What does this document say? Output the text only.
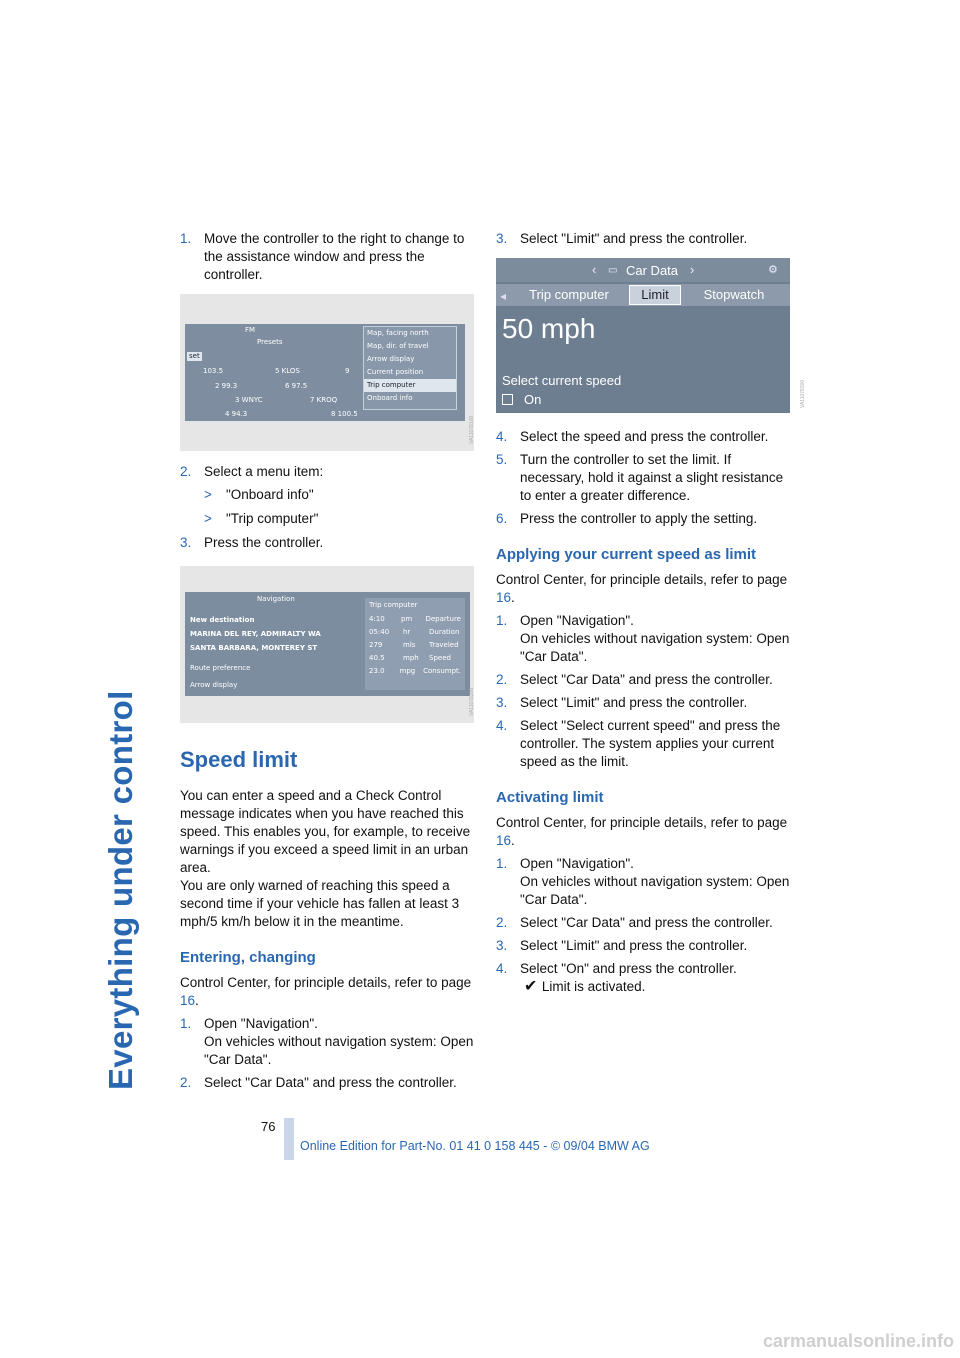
Everything under control
1. Move the controller to the right to change to the assistance window and press the controller.
FM
Presets
set
103.5	5 KLOS	9
2 99.3	6 97.5
3 WNYC	7 KROQ
4 94.3	8 100.5
Map, facing north
Map, dir. of travel
Arrow display
Current position
Trip computer
Onboard info
VA11078100
2. Select a menu item:
> "Onboard info"
> "Trip computer"
3. Press the controller.
Navigation
New destination
MARINA DEL REY, ADMIRALTY WA
SANTA BARBARA, MONTEREY ST
Route preference
Arrow display
Trip computer
4:10	pm	Departure
05:40	hr	Duration
279	mls	Traveled
40.5	mph	Speed
23.0	mpg Consumpt.
VA11078200
Speed limit

You can enter a speed and a Check Control message indicates when you have reached this speed. This enables you, for example, to receive warnings if you exceed a speed limit in an urban area.

You are only warned of reaching this speed a second time if your vehicle has fallen at least 3 mph/5 km/h below it in the meantime.

Entering, changing

Control Center, for principle details, refer to page 16.

1. Open "Navigation".
On vehicles without navigation system: Open "Car Data".
2. Select "Car Data" and press the controller.
3. Select "Limit" and press the controller.
‹ ▭ Car Data ›	⚙
◂	Trip computer	Limit	Stopwatch
50 mph
Select current speed
On	VA11078300
4. Select the speed and press the controller.
5. Turn the controller to set the limit. If necessary, hold it against a slight resistance to enter a greater difference.
6. Press the controller to apply the setting.
Applying your current speed as limit

Control Center, for principle details, refer to page 16.

1. Open "Navigation".
On vehicles without navigation system: Open "Car Data".
2. Select "Car Data" and press the controller.
3. Select "Limit" and press the controller.
4. Select "Select current speed" and press the controller. The system applies your current speed as the limit.
Activating limit

Control Center, for principle details, refer to page 16.

1. Open "Navigation".
On vehicles without navigation system: Open "Car Data".
2. Select "Car Data" and press the controller.
3. Select "Limit" and press the controller.
4. Select "On" and press the controller.
✔ Limit is activated.
76
Online Edition for Part-No. 01 41 0 158 445 - © 09/04 BMW AG
carmanualsonline.info
